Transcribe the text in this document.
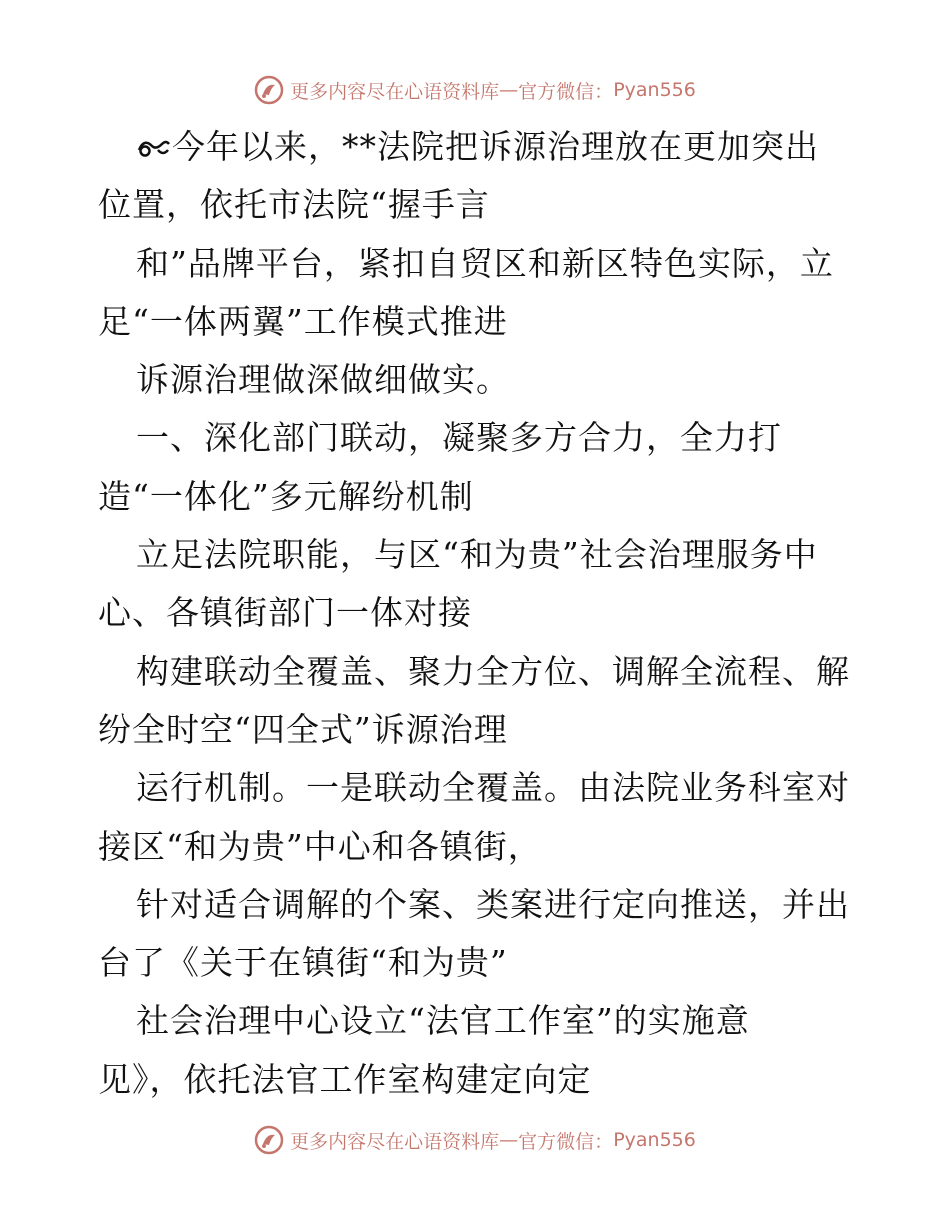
更多内容尽在心语资料库 — 官方微信： Pyan556
今年以来，**法院把诉源治理放在更加突出
位置，依托市法院“握手言
和”品牌平台，紧扣自贸区和新区特色实际，立
足“一体两翼”工作模式推进
诉源治理做深做细做实。
一、深化部门联动，凝聚多方合力，全力打
造“一体化”多元解纷机制
立足法院职能，与区“和为贵”社会治理服务中
心、各镇街部门一体对接
构建联动全覆盖、聚力全方位、调解全流程、解
纷全时空“四全式”诉源治理
运行机制。一是联动全覆盖。由法院业务科室对
接区“和为贵”中心和各镇街，
针对适合调解的个案、类案进行定向推送，并出
台了《关于在镇街“和为贵”
社会治理中心设立“法官工作室”的实施意
见》，依托法官工作室构建定向定
更多内容尽在心语资料库 — 官方微信： Pyan556
